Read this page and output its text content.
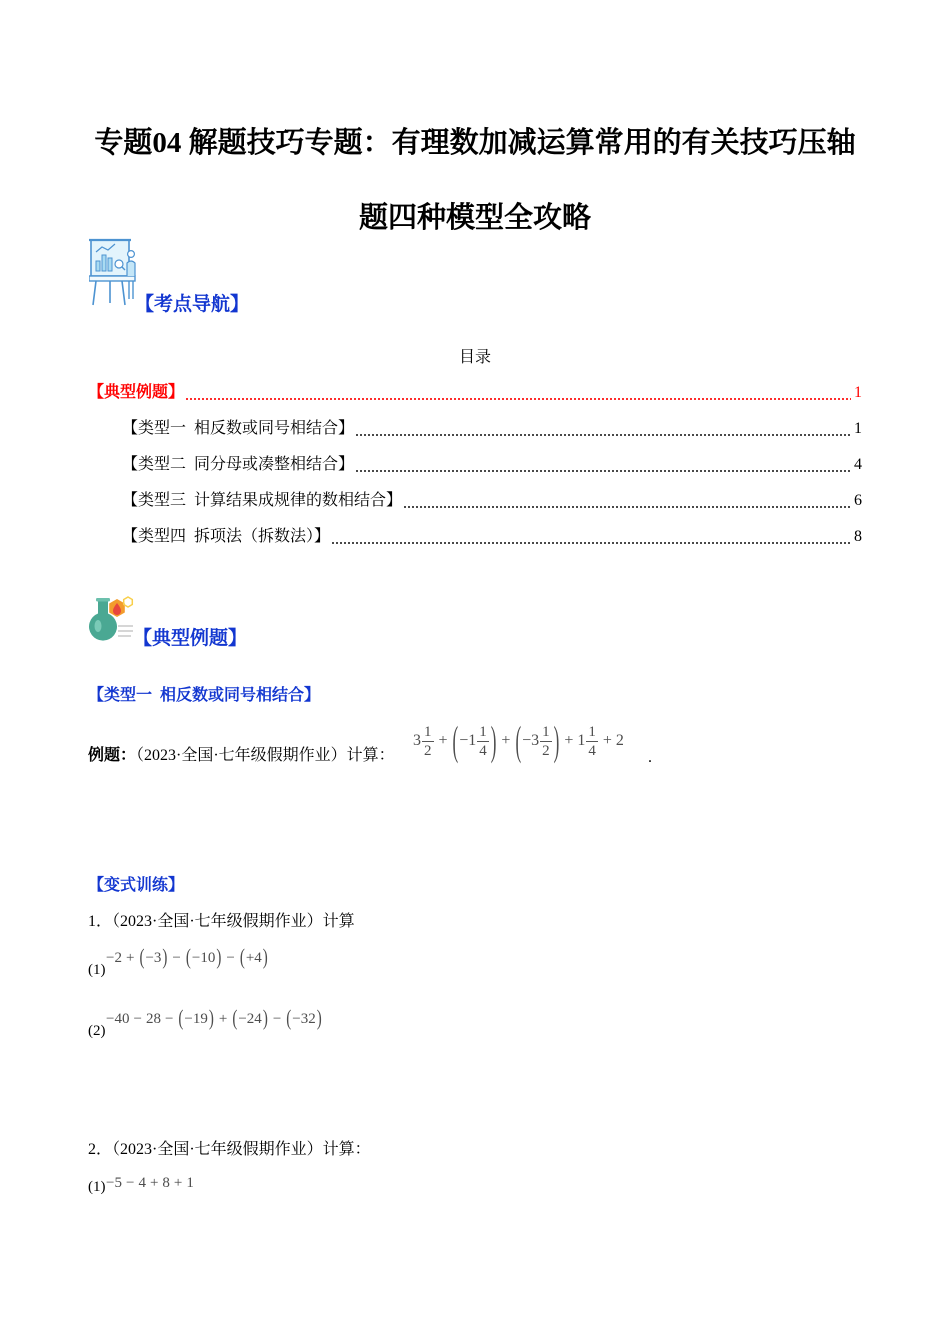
专题04 解题技巧专题：有理数加减运算常用的有关技巧压轴
题四种模型全攻略
【考点导航】
目录
【典型例题】	1
【类型一  相反数或同号相结合】	1
【类型二  同分母或凑整相结合】	4
【类型三  计算结果成规律的数相结合】	6
【类型四  拆项法（拆数法）】	8
【典型例题】
【类型一  相反数或同号相结合】
例题：（2023·全国·七年级假期作业）计算：
$3 \frac{1}{2}$ + ( $-1 \frac{1}{4}$ ) + ( $-3 \frac{1}{2}$ ) + $1 \frac{1}{4} + 2$
.
【变式训练】
1．（2023·全国·七年级假期作业）计算
(1)
−2 + ( −3 ) − ( −10 ) − ( +4 )
(2)
−40 − 28 − ( −19 ) + ( −24 ) − ( −32 )
2．（2023·全国·七年级假期作业）计算：
(1) −5 − 4 + 8 + 1
